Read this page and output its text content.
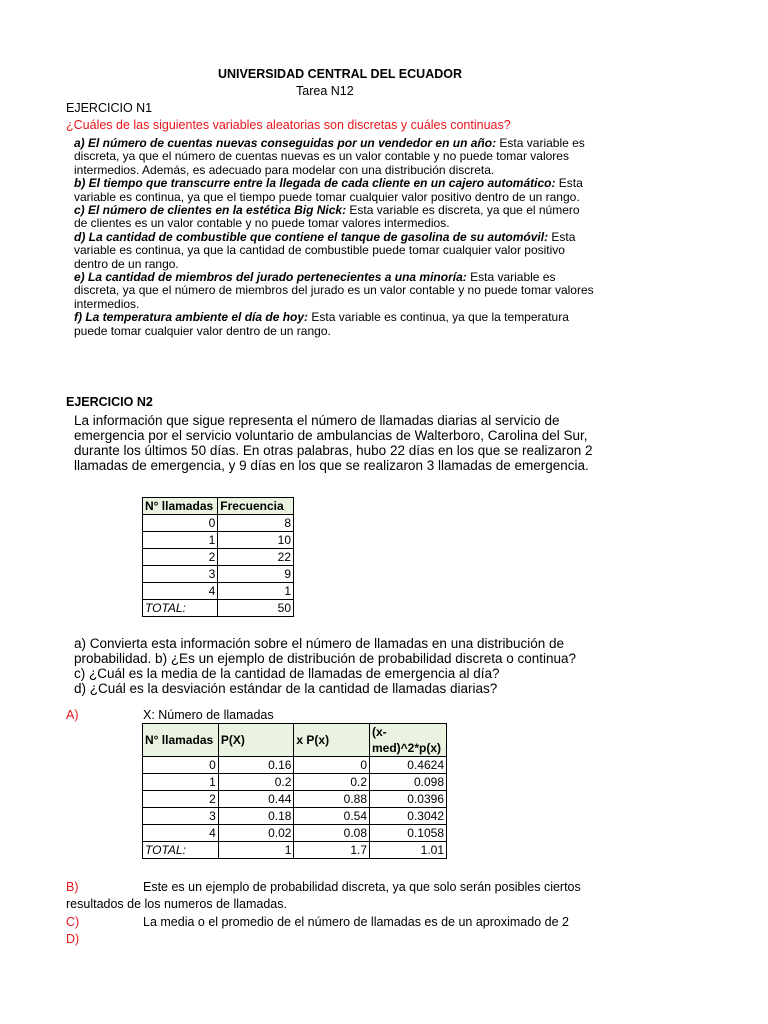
UNIVERSIDAD CENTRAL DEL ECUADOR
Tarea N12
EJERCICIO N1
¿Cuáles de las siguientes variables aleatorias son discretas y cuáles continuas?

a) El número de cuentas nuevas conseguidas por un vendedor en un año: Esta variable es discreta, ya que el número de cuentas nuevas es un valor contable y no puede tomar valores intermedios. Además, es adecuado para modelar con una distribución discreta.

b) El tiempo que transcurre entre la llegada de cada cliente en un cajero automático: Esta variable es continua, ya que el tiempo puede tomar cualquier valor positivo dentro de un rango.

c) El número de clientes en la estética Big Nick: Esta variable es discreta, ya que el número de clientes es un valor contable y no puede tomar valores intermedios.

d) La cantidad de combustible que contiene el tanque de gasolina de su automóvil: Esta variable es continua, ya que la cantidad de combustible puede tomar cualquier valor positivo dentro de un rango.

e) La cantidad de miembros del jurado pertenecientes a una minoría: Esta variable es discreta, ya que el número de miembros del jurado es un valor contable y no puede tomar valores intermedios.

f) La temperatura ambiente el día de hoy: Esta variable es continua, ya que la temperatura puede tomar cualquier valor dentro de un rango.

EJERCICIO N2

La información que sigue representa el número de llamadas diarias al servicio de emergencia por el servicio voluntario de ambulancias de Walterboro, Carolina del Sur, durante los últimos 50 días. En otras palabras, hubo 22 días en los que se realizaron 2 llamadas de emergencia, y 9 días en los que se realizaron 3 llamadas de emergencia.

N° llamadas	Frecuencia
0	8
1	10
2	22
3	9
4	1
TOTAL:	50

a) Convierta esta información sobre el número de llamadas en una distribución de probabilidad. b) ¿Es un ejemplo de distribución de probabilidad discreta o continua?

c) ¿Cuál es la media de la cantidad de llamadas de emergencia al día?

d) ¿Cuál es la desviación estándar de la cantidad de llamadas diarias?

A)	X: Número de llamadas
N° llamadas	P(X)	x P(x)	(x-med)^2*p(x)
0	0.16	0	0.4624
1	0.2	0.2	0.098
2	0.44	0.88	0.0396
3	0.18	0.54	0.3042
4	0.02	0.08	0.1058
TOTAL:	1	1.7	1.01
B)	Este es un ejemplo de probabilidad discreta, ya que solo serán posibles ciertos
resultados de los numeros de llamadas.
C)	La media o el promedio de el número de llamadas es de un aproximado de 2
D)
